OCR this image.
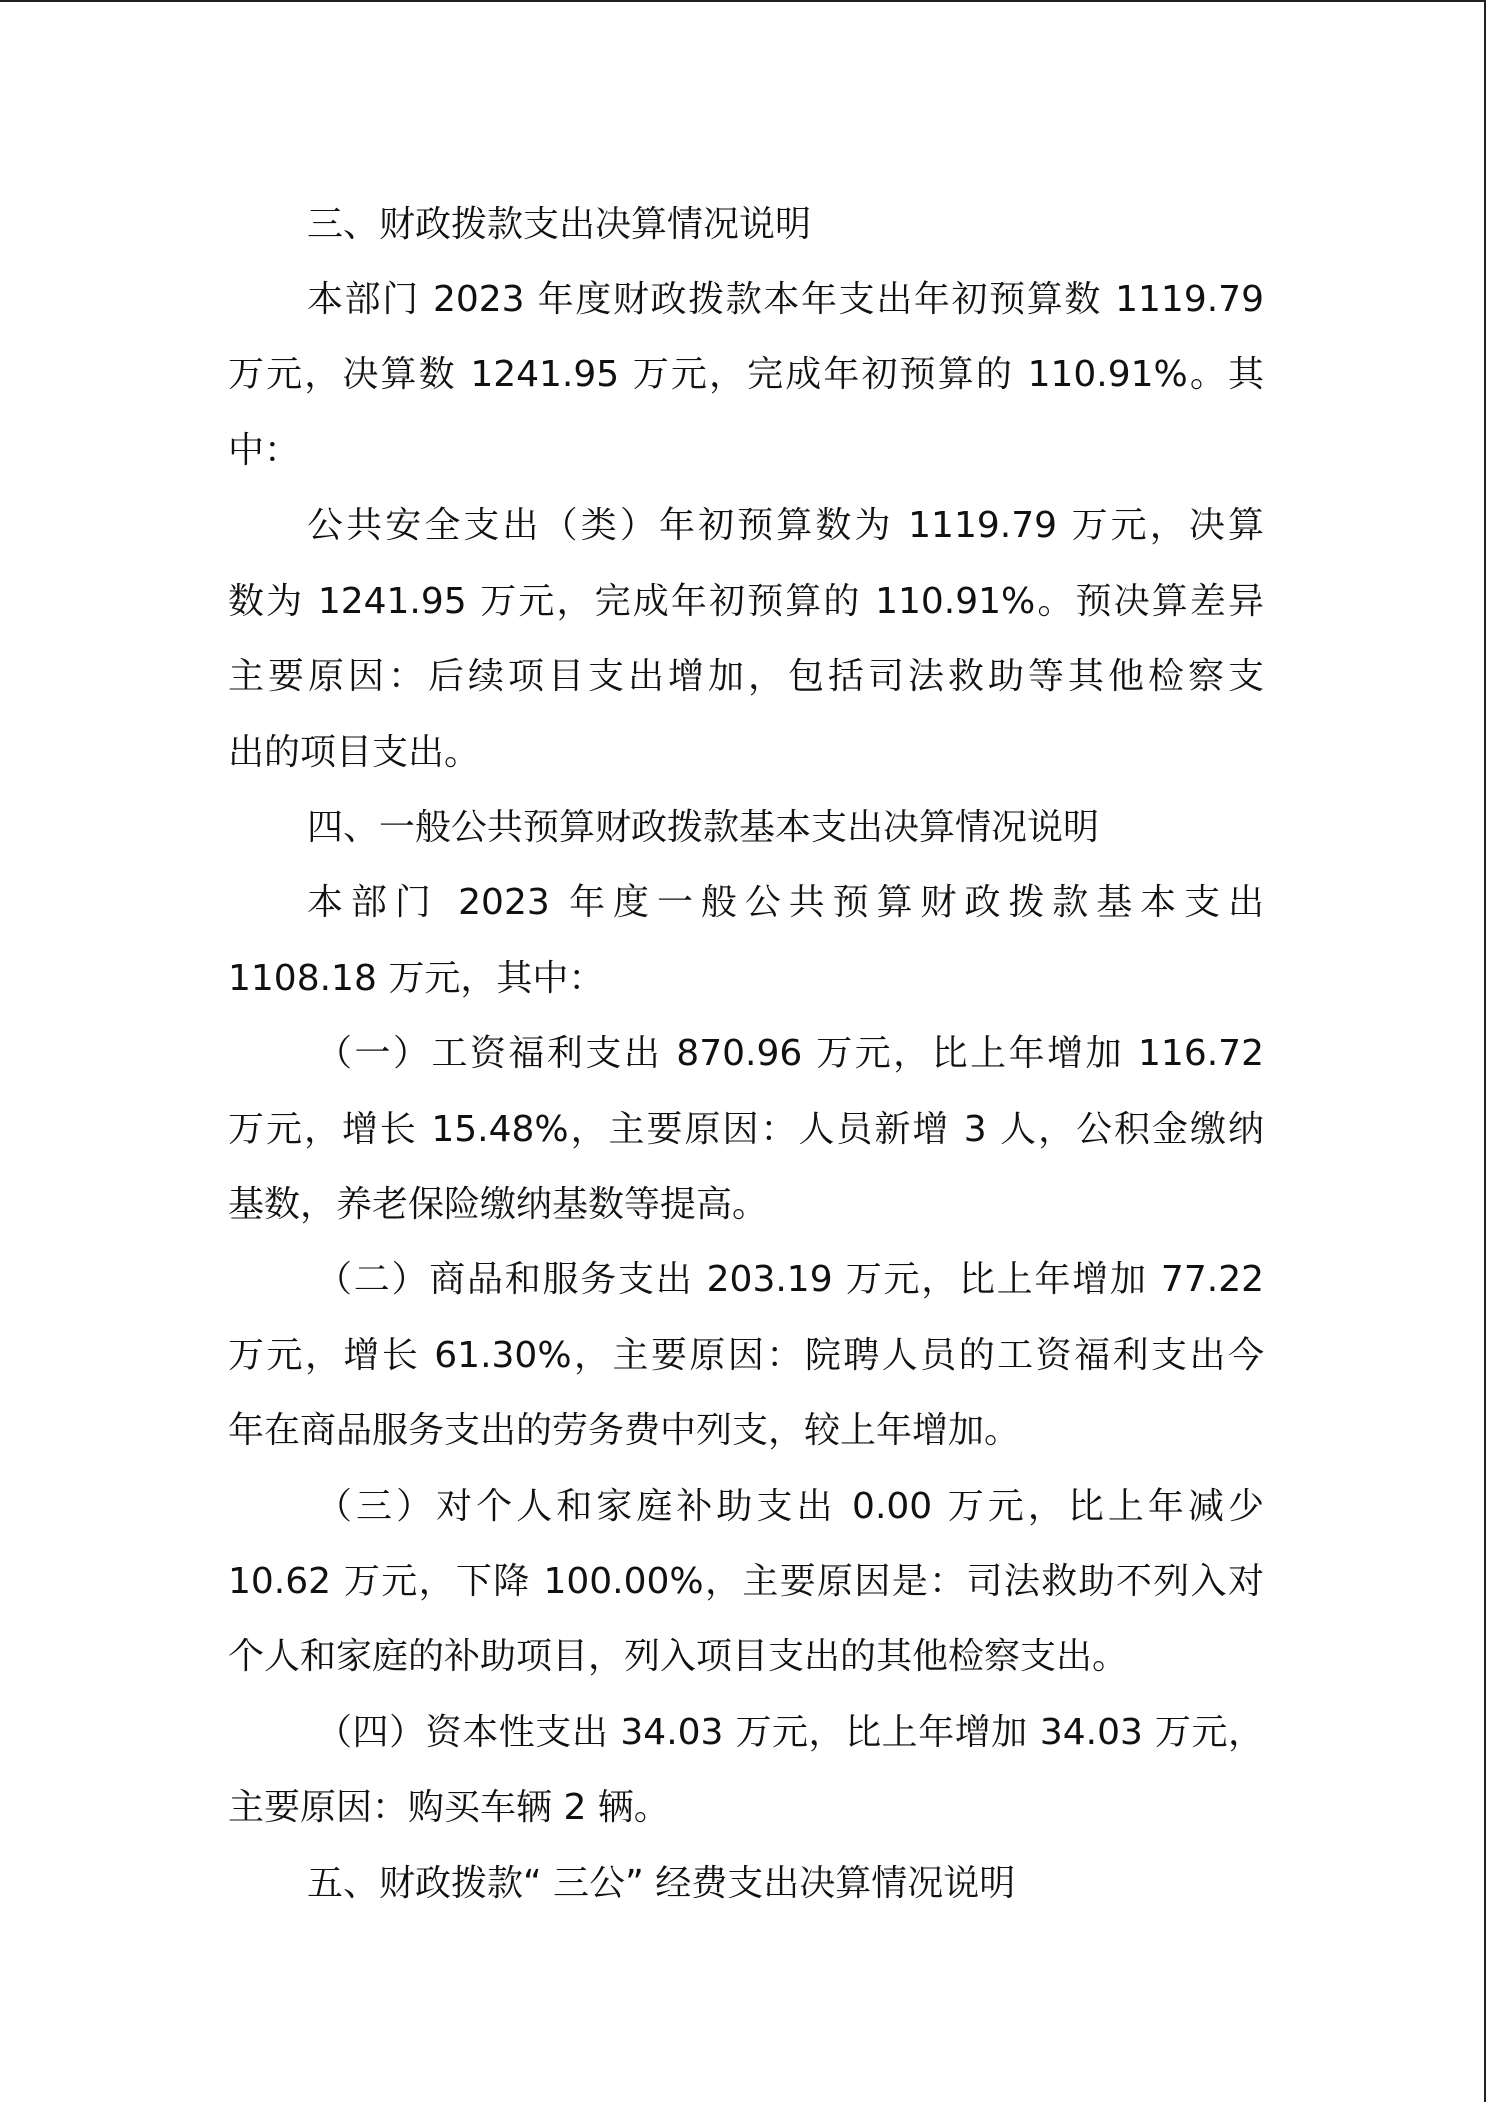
三、财政拨款支出决算情况说明
本部门 2023 年度财政拨款本年支出年初预算数 1119.79
万元，决算数 1241.95 万元，完成年初预算的 110.91%。其
中：
公共安全支出（类）年初预算数为 1119.79 万元，决算
数为 1241.95 万元，完成年初预算的 110.91%。预决算差异
主要原因：后续项目支出增加，包括司法救助等其他检察支
出的项目支出。
四、一般公共预算财政拨款基本支出决算情况说明
本部门 2023 年度一般公共预算财政拨款基本支出
1108.18 万元，其中：
（一）工资福利支出 870.96 万元，比上年增加 116.72
万元，增长 15.48%，主要原因：人员新增 3 人，公积金缴纳
基数，养老保险缴纳基数等提高。
（二）商品和服务支出 203.19 万元，比上年增加 77.22
万元，增长 61.30%，主要原因：院聘人员的工资福利支出今
年在商品服务支出的劳务费中列支，较上年增加。
（三）对个人和家庭补助支出 0.00 万元，比上年减少
10.62 万元，下降 100.00%，主要原因是：司法救助不列入对
个人和家庭的补助项目，列入项目支出的其他检察支出。
（四）资本性支出 34.03 万元，比上年增加 34.03 万元，
主要原因：购买车辆 2 辆。
五、财政拨款“ 三公” 经费支出决算情况说明
